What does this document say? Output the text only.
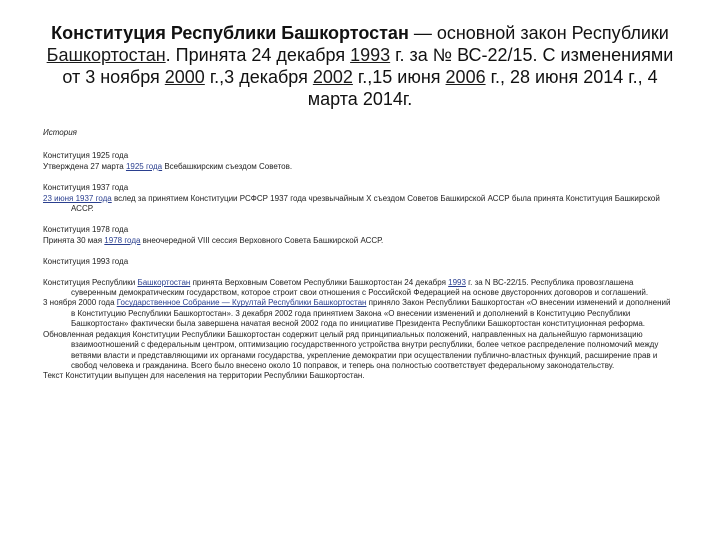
Конституция Республики Башкортостан — основной закон Республики Башкортостан. Принята 24 декабря 1993 г. за № ВС-22/15. С изменениями от 3 ноября 2000 г.,3 декабря 2002 г.,15 июня 2006 г., 28 июня 2014 г., 4 марта 2014г.
История
Конституция 1925 года
Утверждена 27 марта 1925 года Всебашкирским съездом Советов.
Конституция 1937 года
23 июня 1937 года вслед за принятием Конституции РСФСР 1937 года чрезвычайным X съездом Советов Башкирской АССР была принята Конституция Башкирской АССР.
Конституция 1978 года
Принята 30 мая 1978 года внеочередной VIII сессия Верховного Совета Башкирской АССР.
Конституция 1993 года
Конституция Республики Башкортостан принята Верховным Советом Республики Башкортостан 24 декабря 1993 г. за N ВС-22/15. Республика провозглашена суверенным демократическим государством, которое строит свои отношения с Российской Федерацией на основе двусторонних договоров и соглашений.
3 ноября 2000 года Государственное Собрание — Курултай Республики Башкортостан приняло Закон Республики Башкортостан «О внесении изменений и дополнений в Конституцию Республики Башкортостан». 3 декабря 2002 года принятием Закона «О внесении изменений и дополнений в Конституцию Республики Башкортостан» фактически была завершена начатая весной 2002 года по инициативе Президента Республики Башкортостан конституционная реформа.
Обновленная редакция Конституции Республики Башкортостан содержит целый ряд принципиальных положений, направленных на дальнейшую гармонизацию взаимоотношений с федеральным центром, оптимизацию государственного устройства внутри республики, более четкое распределение полномочий между ветвями власти и представляющими их органами государства, укрепление демократии при осуществлении публично-властных функций, расширение прав и свобод человека и гражданина. Всего было внесено около 10 поправок, и теперь она полностью соответствует федеральному законодательству.
Текст Конституции выпущен для населения на территории Республики Башкортостан.
